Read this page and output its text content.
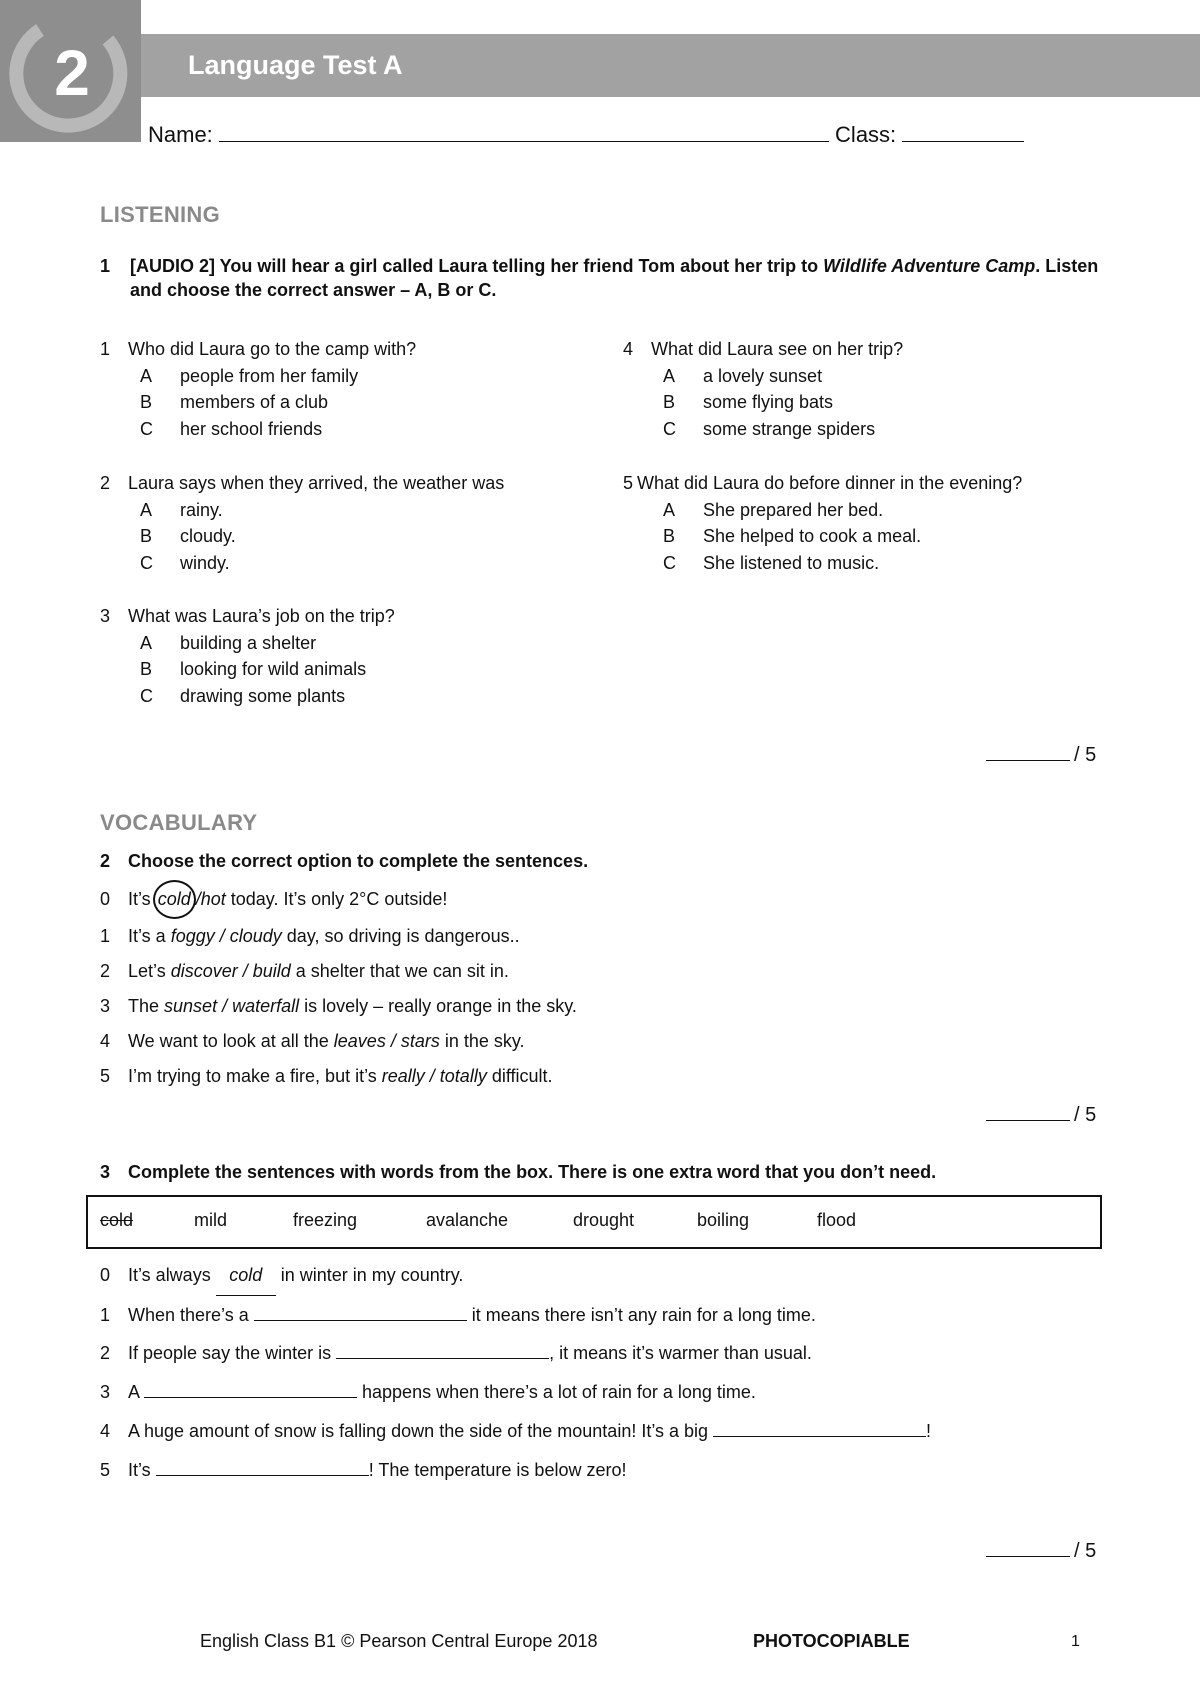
2	Language Test A
Name:	Class:
LISTENING
1 [AUDIO 2] You will hear a girl called Laura telling her friend Tom about her trip to Wildlife Adventure Camp. Listen and choose the correct answer – A, B or C.
1 Who did Laura go to the camp with?
A people from her family
B members of a club
C her school friends
2 Laura says when they arrived, the weather was
A rainy.
B cloudy.
C windy.
3 What was Laura’s job on the trip?
A building a shelter
B looking for wild animals
C drawing some plants
4 What did Laura see on her trip?
A a lovely sunset
B some flying bats
C some strange spiders
5 What did Laura do before dinner in the evening?
A She prepared her bed.
B She helped to cook a meal.
C She listened to music.
/ 5
VOCABULARY
2 Choose the correct option to complete the sentences.
0 It’s cold /hot today. It’s only 2°C outside!
1 It’s a foggy / cloudy day, so driving is dangerous..
2 Let’s discover / build a shelter that we can sit in.
3 The sunset / waterfall is lovely – really orange in the sky.
4 We want to look at all the leaves / stars in the sky.
5 I’m trying to make a fire, but it’s really / totally difficult.
/ 5
3 Complete the sentences with words from the box. There is one extra word that you don’t need.
cold	mild	freezing	avalanche	drought	boiling	flood
0 It’s always cold in winter in my country.
1 When there’s a	it means there isn’t any rain for a long time.
2 If people say the winter is	, it means it’s warmer than usual.
3 A	happens when there’s a lot of rain for a long time.
4 A huge amount of snow is falling down the side of the mountain! It’s a big	!
5 It’s	! The temperature is below zero!
/ 5
English Class B1 © Pearson Central Europe 2018	PHOTOCOPIABLE	1
